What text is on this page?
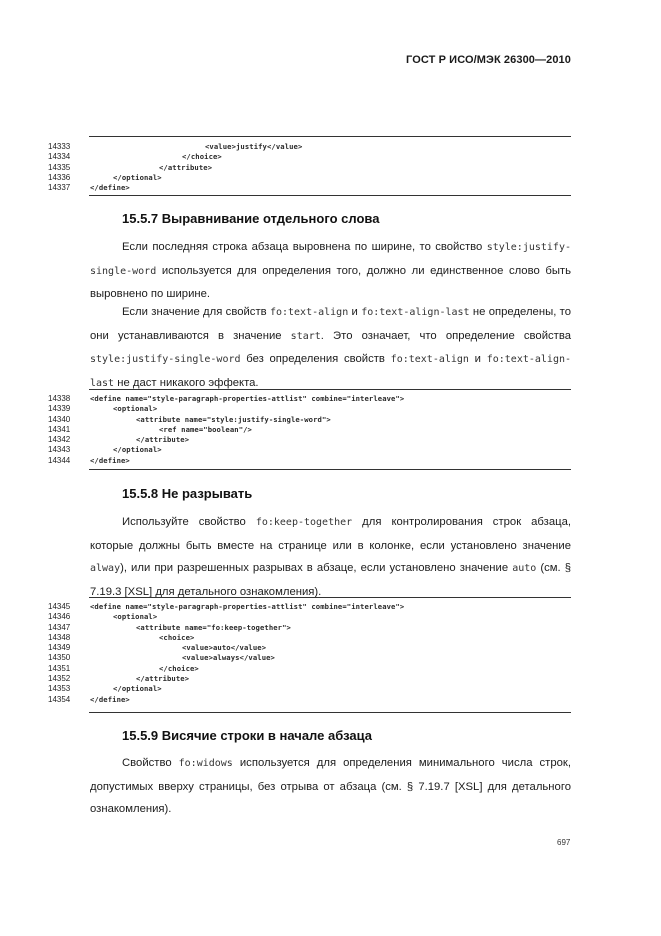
ГОСТ Р ИСО/МЭК 26300—2010
14333	<value>justify</value>
14334	</choice>
14335	</attribute>
14336	</optional>
14337	</define>
15.5.7 Выравнивание отдельного слова

Если последняя строка абзаца выровнена по ширине, то свойство style:justify-single-word используется для определения того, должно ли единственное слово быть выровнено по ширине.

Если значение для свойств fo:text-align и fo:text-align-last не определены, то они устанавливаются в значение start. Это означает, что определение свойства style:justify-single-word без определения свойств fo:text-align и fo:text-align-last не даст никакого эффекта.

14338	<define name="style-paragraph-properties-attlist" combine="interleave">
14339	<optional>
14340	<attribute name="style:justify-single-word">
14341	<ref name="boolean"/>
14342	</attribute>
14343	</optional>
14344	</define>
15.5.8 Не разрывать

Используйте свойство fo:keep-together для контролирования строк абзаца, которые должны быть вместе на странице или в колонке, если установлено значение alway), или при разрешенных разрывах в абзаце, если установлено значение auto (см. § 7.19.3 [XSL] для детального ознакомления).

14345	<define name="style-paragraph-properties-attlist" combine="interleave">
14346	<optional>
14347	<attribute name="fo:keep-together">
14348	<choice>
14349	<value>auto</value>
14350	<value>always</value>
14351	</choice>
14352	</attribute>
14353	</optional>
14354	</define>
15.5.9 Висячие строки в начале абзаца

Свойство fo:widows используется для определения минимального числа строк, допустимых вверху страницы, без отрыва от абзаца (см. § 7.19.7 [XSL] для детального ознакомления).

697
